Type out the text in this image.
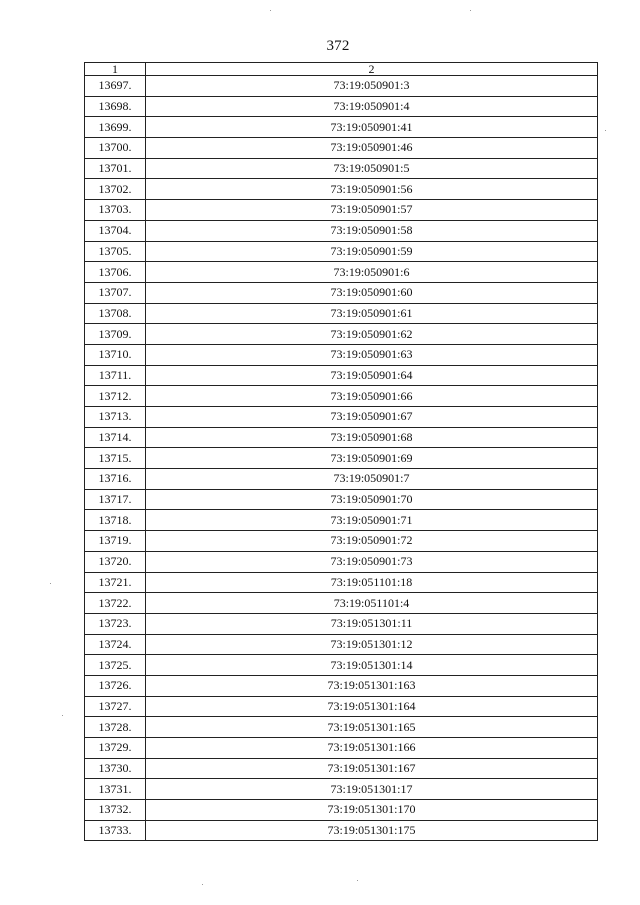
372
1	2
13697.	73:19:050901:3
13698.	73:19:050901:4
13699.	73:19:050901:41
13700.	73:19:050901:46
13701.	73:19:050901:5
13702.	73:19:050901:56
13703.	73:19:050901:57
13704.	73:19:050901:58
13705.	73:19:050901:59
13706.	73:19:050901:6
13707.	73:19:050901:60
13708.	73:19:050901:61
13709.	73:19:050901:62
13710.	73:19:050901:63
13711.	73:19:050901:64
13712.	73:19:050901:66
13713.	73:19:050901:67
13714.	73:19:050901:68
13715.	73:19:050901:69
13716.	73:19:050901:7
13717.	73:19:050901:70
13718.	73:19:050901:71
13719.	73:19:050901:72
13720.	73:19:050901:73
13721.	73:19:051101:18
13722.	73:19:051101:4
13723.	73:19:051301:11
13724.	73:19:051301:12
13725.	73:19:051301:14
13726.	73:19:051301:163
13727.	73:19:051301:164
13728.	73:19:051301:165
13729.	73:19:051301:166
13730.	73:19:051301:167
13731.	73:19:051301:17
13732.	73:19:051301:170
13733.	73:19:051301:175
